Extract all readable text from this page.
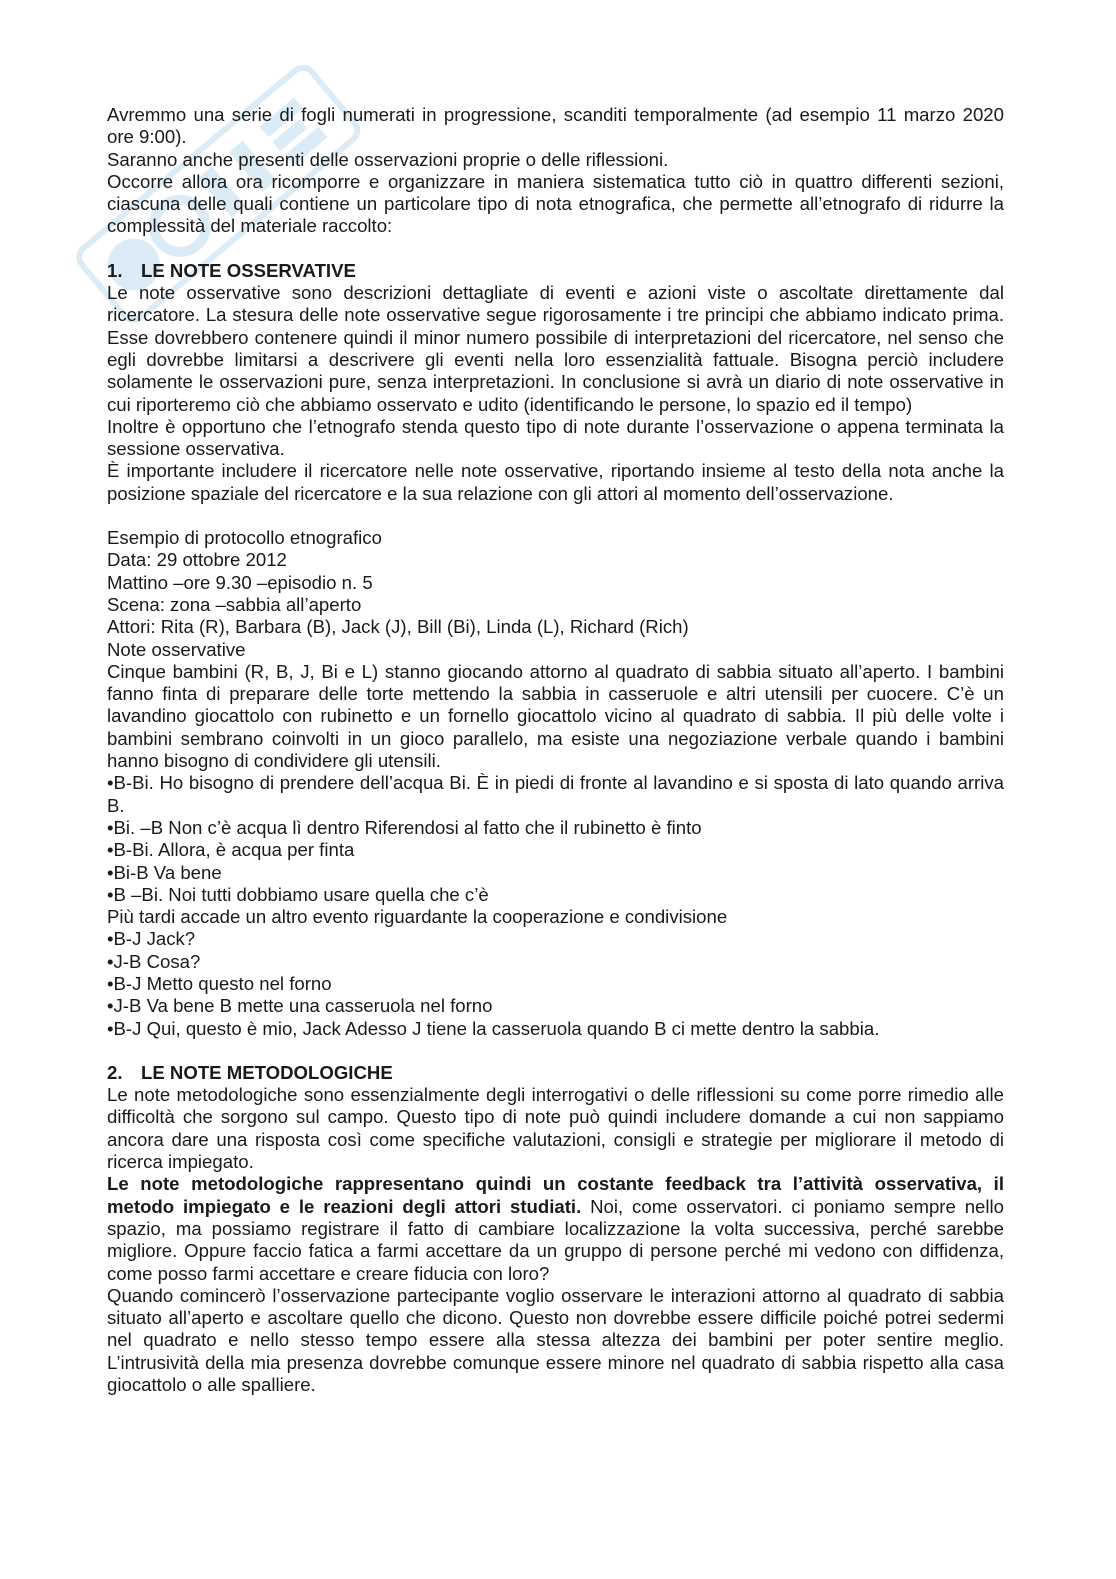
Avremmo una serie di fogli numerati in progressione, scanditi temporalmente (ad esempio 11 marzo 2020 ore 9:00).

Saranno anche presenti delle osservazioni proprie o delle riflessioni.

Occorre allora ora ricomporre e organizzare in maniera sistematica tutto ciò in quattro differenti sezioni, ciascuna delle quali contiene un particolare tipo di nota etnografica, che permette all’etnografo di ridurre la complessità del materiale raccolto:

1. LE NOTE OSSERVATIVE

Le note osservative sono descrizioni dettagliate di eventi e azioni viste o ascoltate direttamente dal ricercatore. La stesura delle note osservative segue rigorosamente i tre principi che abbiamo indicato prima. Esse dovrebbero contenere quindi il minor numero possibile di interpretazioni del ricercatore, nel senso che egli dovrebbe limitarsi a descrivere gli eventi nella loro essenzialità fattuale. Bisogna perciò includere solamente le osservazioni pure, senza interpretazioni. In conclusione si avrà un diario di note osservative in cui riporteremo ciò che abbiamo osservato e udito (identificando le persone, lo spazio ed il tempo)

Inoltre è opportuno che l’etnografo stenda questo tipo di note durante l’osservazione o appena terminata la sessione osservativa.

È importante includere il ricercatore nelle note osservative, riportando insieme al testo della nota anche la posizione spaziale del ricercatore e la sua relazione con gli attori al momento dell’osservazione.

Esempio di protocollo etnografico

Data: 29 ottobre 2012

Mattino –ore 9.30 –episodio n. 5

Scena: zona –sabbia all’aperto

Attori: Rita (R), Barbara (B), Jack (J), Bill (Bi), Linda (L), Richard (Rich)

Note osservative

Cinque bambini (R, B, J, Bi e L) stanno giocando attorno al quadrato di sabbia situato all’aperto. I bambini fanno finta di preparare delle torte mettendo la sabbia in casseruole e altri utensili per cuocere. C’è un lavandino giocattolo con rubinetto e un fornello giocattolo vicino al quadrato di sabbia. Il più delle volte i bambini sembrano coinvolti in un gioco parallelo, ma esiste una negoziazione verbale quando i bambini hanno bisogno di condividere gli utensili.

•B-Bi. Ho bisogno di prendere dell’acqua Bi. È in piedi di fronte al lavandino e si sposta di lato quando arriva B.

•Bi. –B Non c’è acqua lì dentro Riferendosi al fatto che il rubinetto è finto

•B-Bi. Allora, è acqua per finta

•Bi-B Va bene

•B –Bi. Noi tutti dobbiamo usare quella che c’è

Più tardi accade un altro evento riguardante la cooperazione e condivisione

•B-J Jack?

•J-B Cosa?

•B-J Metto questo nel forno

•J-B Va bene B mette una casseruola nel forno

•B-J Qui, questo è mio, Jack Adesso J tiene la casseruola quando B ci mette dentro la sabbia.

2. LE NOTE METODOLOGICHE

Le note metodologiche sono essenzialmente degli interrogativi o delle riflessioni su come porre rimedio alle difficoltà che sorgono sul campo. Questo tipo di note può quindi includere domande a cui non sappiamo ancora dare una risposta così come specifiche valutazioni, consigli e strategie per migliorare il metodo di ricerca impiegato.

Le note metodologiche rappresentano quindi un costante feedback tra l’attività osservativa, il metodo impiegato e le reazioni degli attori studiati. Noi, come osservatori. ci poniamo sempre nello spazio, ma possiamo registrare il fatto di cambiare localizzazione la volta successiva, perché sarebbe migliore. Oppure faccio fatica a farmi accettare da un gruppo di persone perché mi vedono con diffidenza, come posso farmi accettare e creare fiducia con loro?

Quando comincerò l’osservazione partecipante voglio osservare le interazioni attorno al quadrato di sabbia situato all’aperto e ascoltare quello che dicono. Questo non dovrebbe essere difficile poiché potrei sedermi nel quadrato e nello stesso tempo essere alla stessa altezza dei bambini per poter sentire meglio. L’intrusività della mia presenza dovrebbe comunque essere minore nel quadrato di sabbia rispetto alla casa giocattolo o alle spalliere.
